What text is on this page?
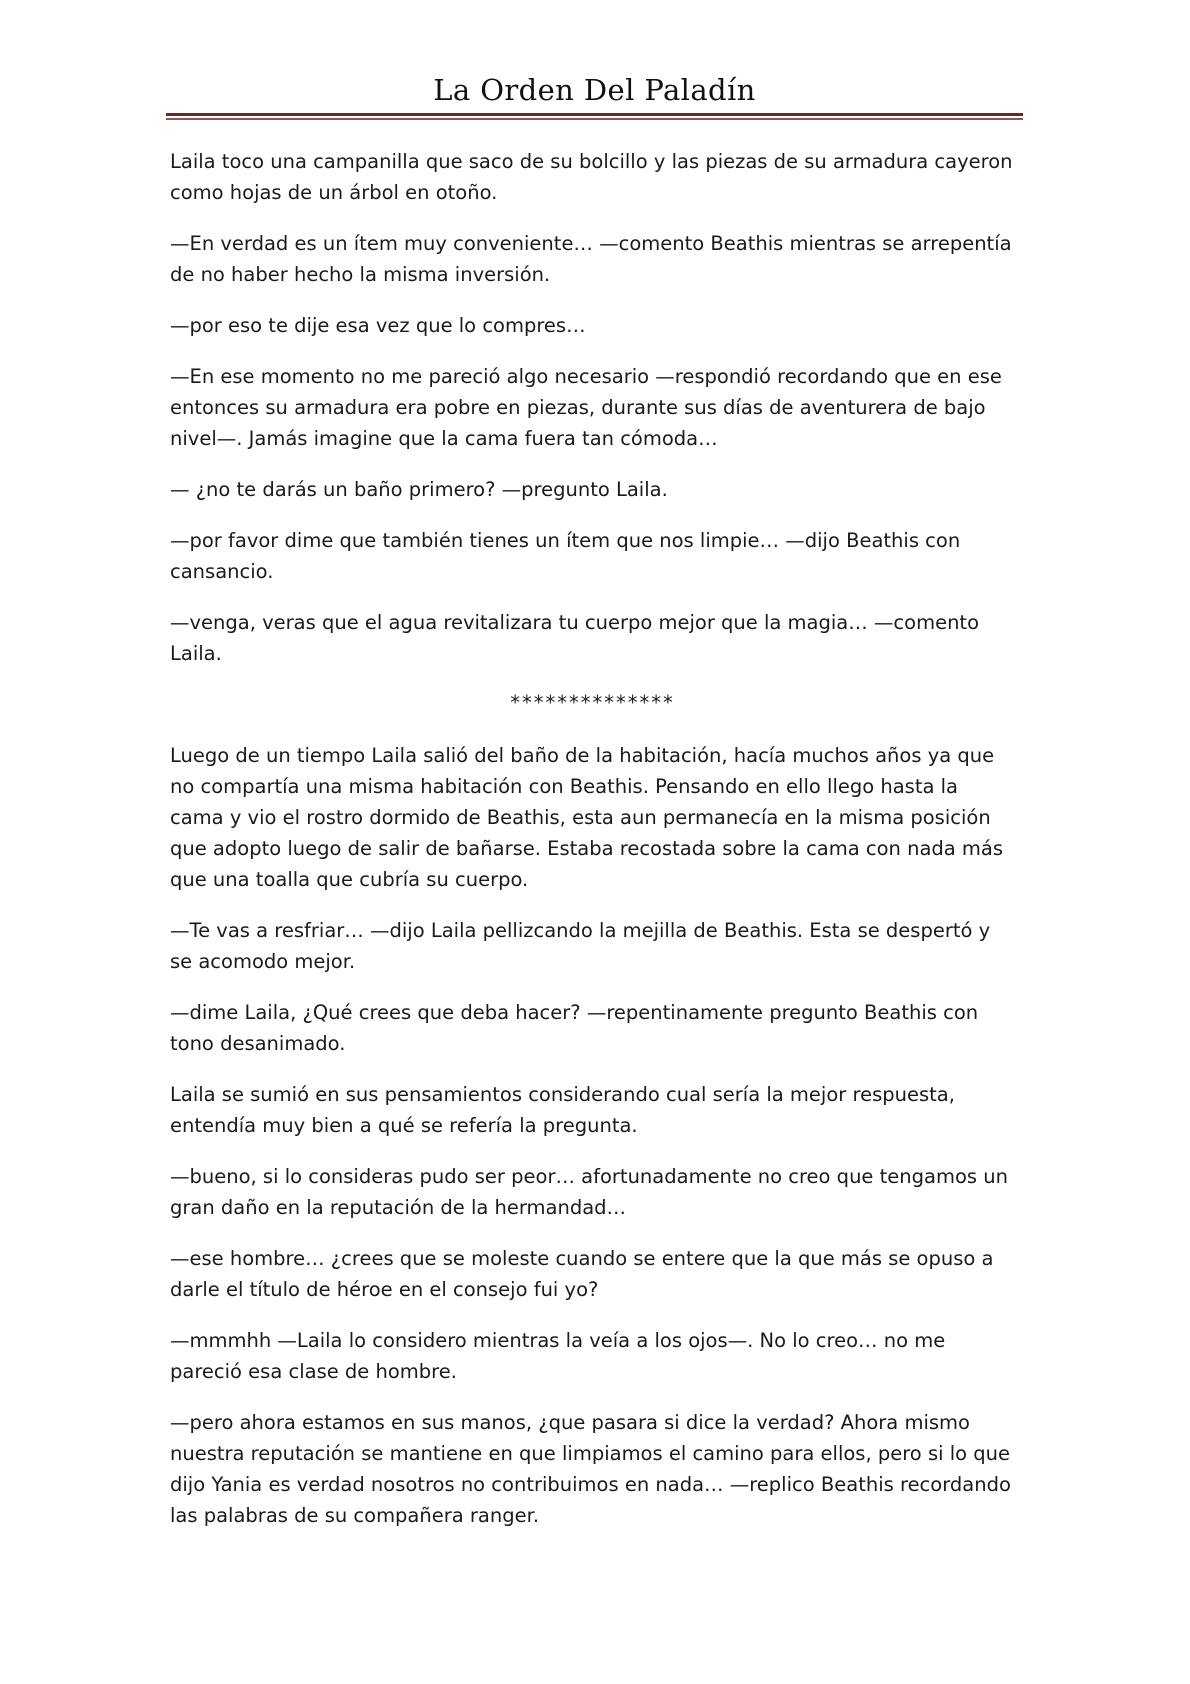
La Orden Del Paladín

Laila toco una campanilla que saco de su bolcillo y las piezas de su armadura cayeron como hojas de un árbol en otoño.

—En verdad es un ítem muy conveniente… —comento Beathis mientras se arrepentía de no haber hecho la misma inversión.

—por eso te dije esa vez que lo compres…

—En ese momento no me pareció algo necesario —respondió recordando que en ese entonces su armadura era pobre en piezas, durante sus días de aventurera de bajo nivel—. Jamás imagine que la cama fuera tan cómoda…

— ¿no te darás un baño primero? —pregunto Laila.

—por favor dime que también tienes un ítem que nos limpie… —dijo Beathis con cansancio.

—venga, veras que el agua revitalizara tu cuerpo mejor que la magia… —comento Laila.

**************

Luego de un tiempo Laila salió del baño de la habitación, hacía muchos años ya que no compartía una misma habitación con Beathis. Pensando en ello llego hasta la cama y vio el rostro dormido de Beathis, esta aun permanecía en la misma posición que adopto luego de salir de bañarse. Estaba recostada sobre la cama con nada más que una toalla que cubría su cuerpo.

—Te vas a resfriar… —dijo Laila pellizcando la mejilla de Beathis. Esta se despertó y se acomodo mejor.

—dime Laila, ¿Qué crees que deba hacer? —repentinamente pregunto Beathis con tono desanimado.

Laila se sumió en sus pensamientos considerando cual sería la mejor respuesta, entendía muy bien a qué se refería la pregunta.

—bueno, si lo consideras pudo ser peor… afortunadamente no creo que tengamos un gran daño en la reputación de la hermandad…

—ese hombre… ¿crees que se moleste cuando se entere que la que más se opuso a darle el título de héroe en el consejo fui yo?

—mmmhh —Laila lo considero mientras la veía a los ojos—. No lo creo… no me pareció esa clase de hombre.

—pero ahora estamos en sus manos, ¿que pasara si dice la verdad? Ahora mismo nuestra reputación se mantiene en que limpiamos el camino para ellos, pero si lo que dijo Yania es verdad nosotros no contribuimos en nada… —replico Beathis recordando las palabras de su compañera ranger.
